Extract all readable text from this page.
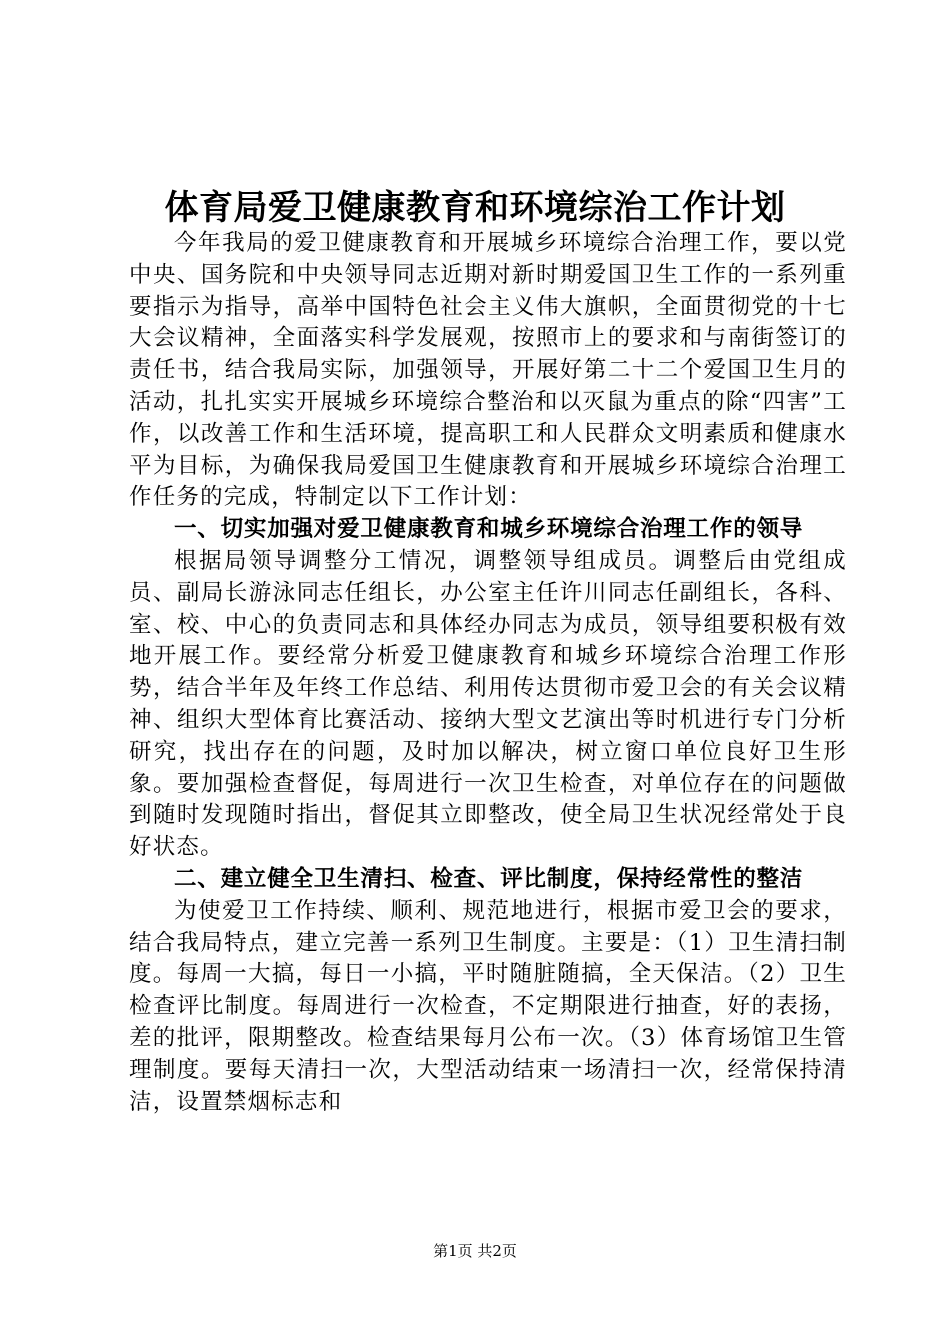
体育局爱卫健康教育和环境综治工作计划

今年我局的爱卫健康教育和开展城乡环境综合治理工作，要以党中央、国务院和中央领导同志近期对新时期爱国卫生工作的一系列重要指示为指导，高举中国特色社会主义伟大旗帜，全面贯彻党的十七大会议精神，全面落实科学发展观，按照市上的要求和与南街签订的责任书，结合我局实际，加强领导，开展好第二十二个爱国卫生月的活动，扎扎实实开展城乡环境综合整治和以灭鼠为重点的除“四害”工作，以改善工作和生活环境，提高职工和人民群众文明素质和健康水平为目标，为确保我局爱国卫生健康教育和开展城乡环境综合治理工作任务的完成，特制定以下工作计划：

一、切实加强对爱卫健康教育和城乡环境综合治理工作的领导

根据局领导调整分工情况，调整领导组成员。调整后由党组成员、副局长游泳同志任组长，办公室主任许川同志任副组长，各科、室、校、中心的负责同志和具体经办同志为成员，领导组要积极有效地开展工作。要经常分析爱卫健康教育和城乡环境综合治理工作形势，结合半年及年终工作总结、利用传达贯彻市爱卫会的有关会议精神、组织大型体育比赛活动、接纳大型文艺演出等时机进行专门分析研究，找出存在的问题，及时加以解决，树立窗口单位良好卫生形象。要加强检查督促，每周进行一次卫生检查，对单位存在的问题做到随时发现随时指出，督促其立即整改，使全局卫生状况经常处于良好状态。

二、建立健全卫生清扫、检查、评比制度，保持经常性的整洁

为使爱卫工作持续、顺利、规范地进行，根据市爱卫会的要求，结合我局特点，建立完善一系列卫生制度。主要是：（1）卫生清扫制度。每周一大搞，每日一小搞，平时随脏随搞，全天保洁。（2）卫生检查评比制度。每周进行一次检查，不定期限进行抽查，好的表扬，差的批评，限期整改。检查结果每月公布一次。（3）体育场馆卫生管理制度。要每天清扫一次，大型活动结束一场清扫一次，经常保持清洁，设置禁烟标志和

第1页 共2页
